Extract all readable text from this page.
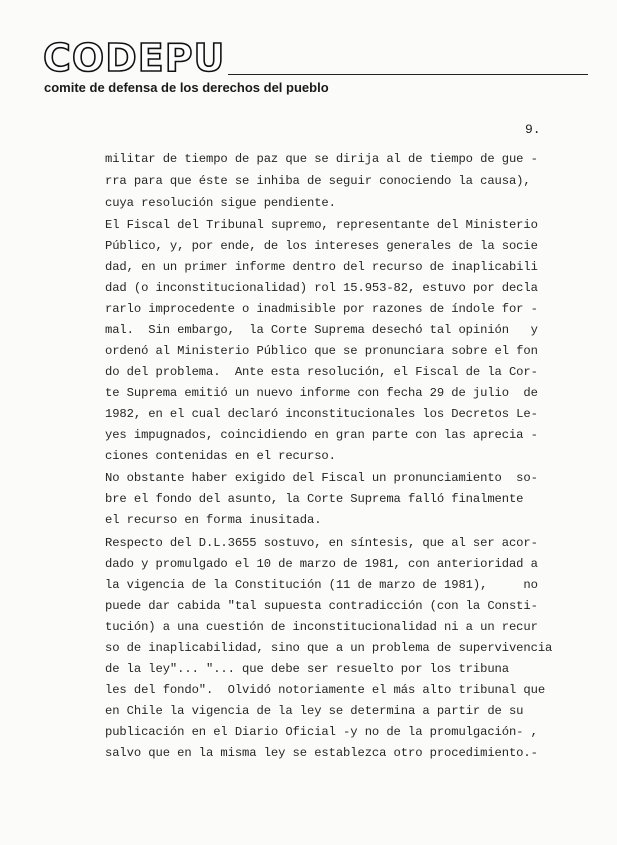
CODEPU
comite de defensa de los derechos del pueblo
9.
militar de tiempo de paz que se dirija al de tiempo de gue -
rra para que éste se inhiba de seguir conociendo la causa),
cuya resolución sigue pendiente.
El Fiscal del Tribunal supremo, representante del Ministerio
Público, y, por ende, de los intereses generales de la socie
dad, en un primer informe dentro del recurso de inaplicabili
dad (o inconstitucionalidad) rol 15.953-82, estuvo por decla
rarlo improcedente o inadmisible por razones de índole for -
mal.  Sin embargo,  la Corte Suprema desechó tal opinión   y
ordenó al Ministerio Público que se pronunciara sobre el fon
do del problema.  Ante esta resolución, el Fiscal de la Cor-
te Suprema emitió un nuevo informe con fecha 29 de julio  de
1982, en el cual declaró inconstitucionales los Decretos Le-
yes impugnados, coincidiendo en gran parte con las aprecia -
ciones contenidas en el recurso.
No obstante haber exigido del Fiscal un pronunciamiento  so-
bre el fondo del asunto, la Corte Suprema falló finalmente
el recurso en forma inusitada.
Respecto del D.L.3655 sostuvo, en síntesis, que al ser acor-
dado y promulgado el 10 de marzo de 1981, con anterioridad a
la vigencia de la Constitución (11 de marzo de 1981),     no
puede dar cabida "tal supuesta contradicción (con la Consti-
tución) a una cuestión de inconstitucionalidad ni a un recur
so de inaplicabilidad, sino que a un problema de supervivencia
de la ley"... "... que debe ser resuelto por los tribuna
les del fondo".  Olvidó notoriamente el más alto tribunal que
en Chile la vigencia de la ley se determina a partir de su
publicación en el Diario Oficial -y no de la promulgación- ,
salvo que en la misma ley se establezca otro procedimiento.-
